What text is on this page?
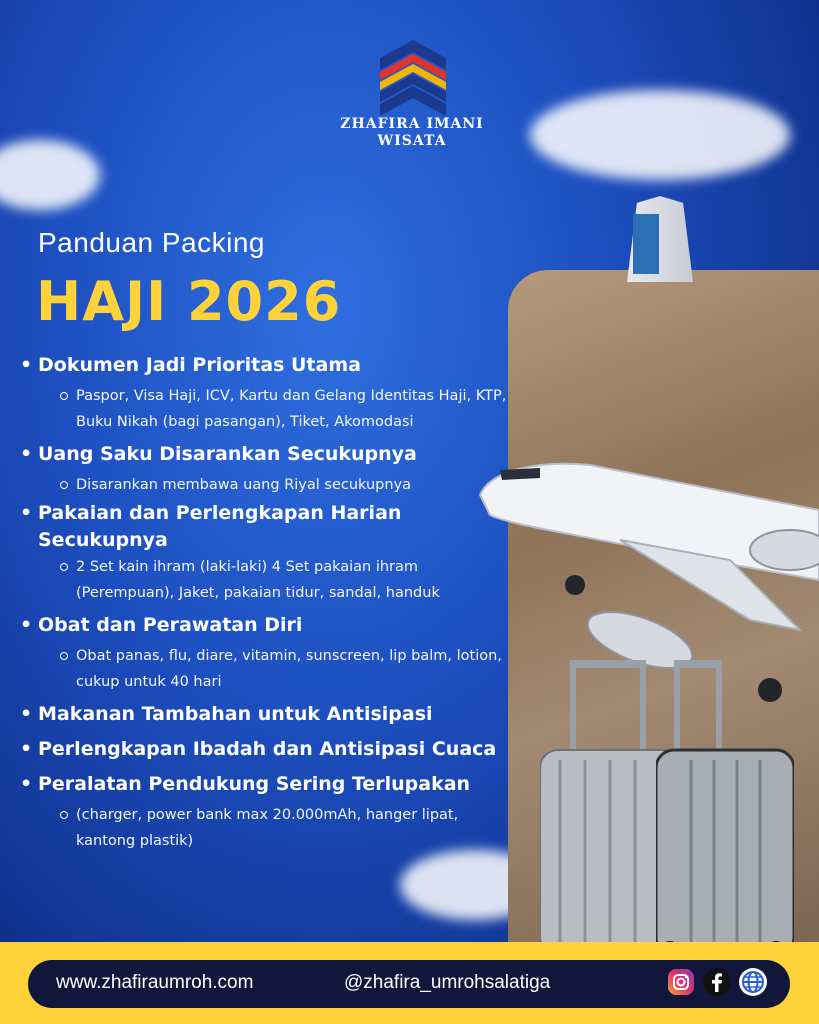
ZHAFIRA IMANI
WISATA
Panduan Packing
HAJI 2026
• Dokumen Jadi Prioritas Utama
Paspor, Visa Haji, ICV, Kartu dan Gelang Identitas Haji, KTP, Buku Nikah (bagi pasangan), Tiket, Akomodasi
• Uang Saku Disarankan Secukupnya
Disarankan membawa uang Riyal secukupnya
• Pakaian dan Perlengkapan Harian Secukupnya
2 Set kain ihram (laki-laki) 4 Set pakaian ihram (Perempuan), Jaket, pakaian tidur, sandal, handuk
• Obat dan Perawatan Diri
Obat panas, flu, diare, vitamin, sunscreen, lip balm, lotion, cukup untuk 40 hari
• Makanan Tambahan untuk Antisipasi
• Perlengkapan Ibadah dan Antisipasi Cuaca
• Peralatan Pendukung Sering Terlupakan
(charger, power bank max 20.000mAh, hanger lipat, kantong plastik)
www.zhafiraumroh.com	@zhafira_umrohsalatiga
